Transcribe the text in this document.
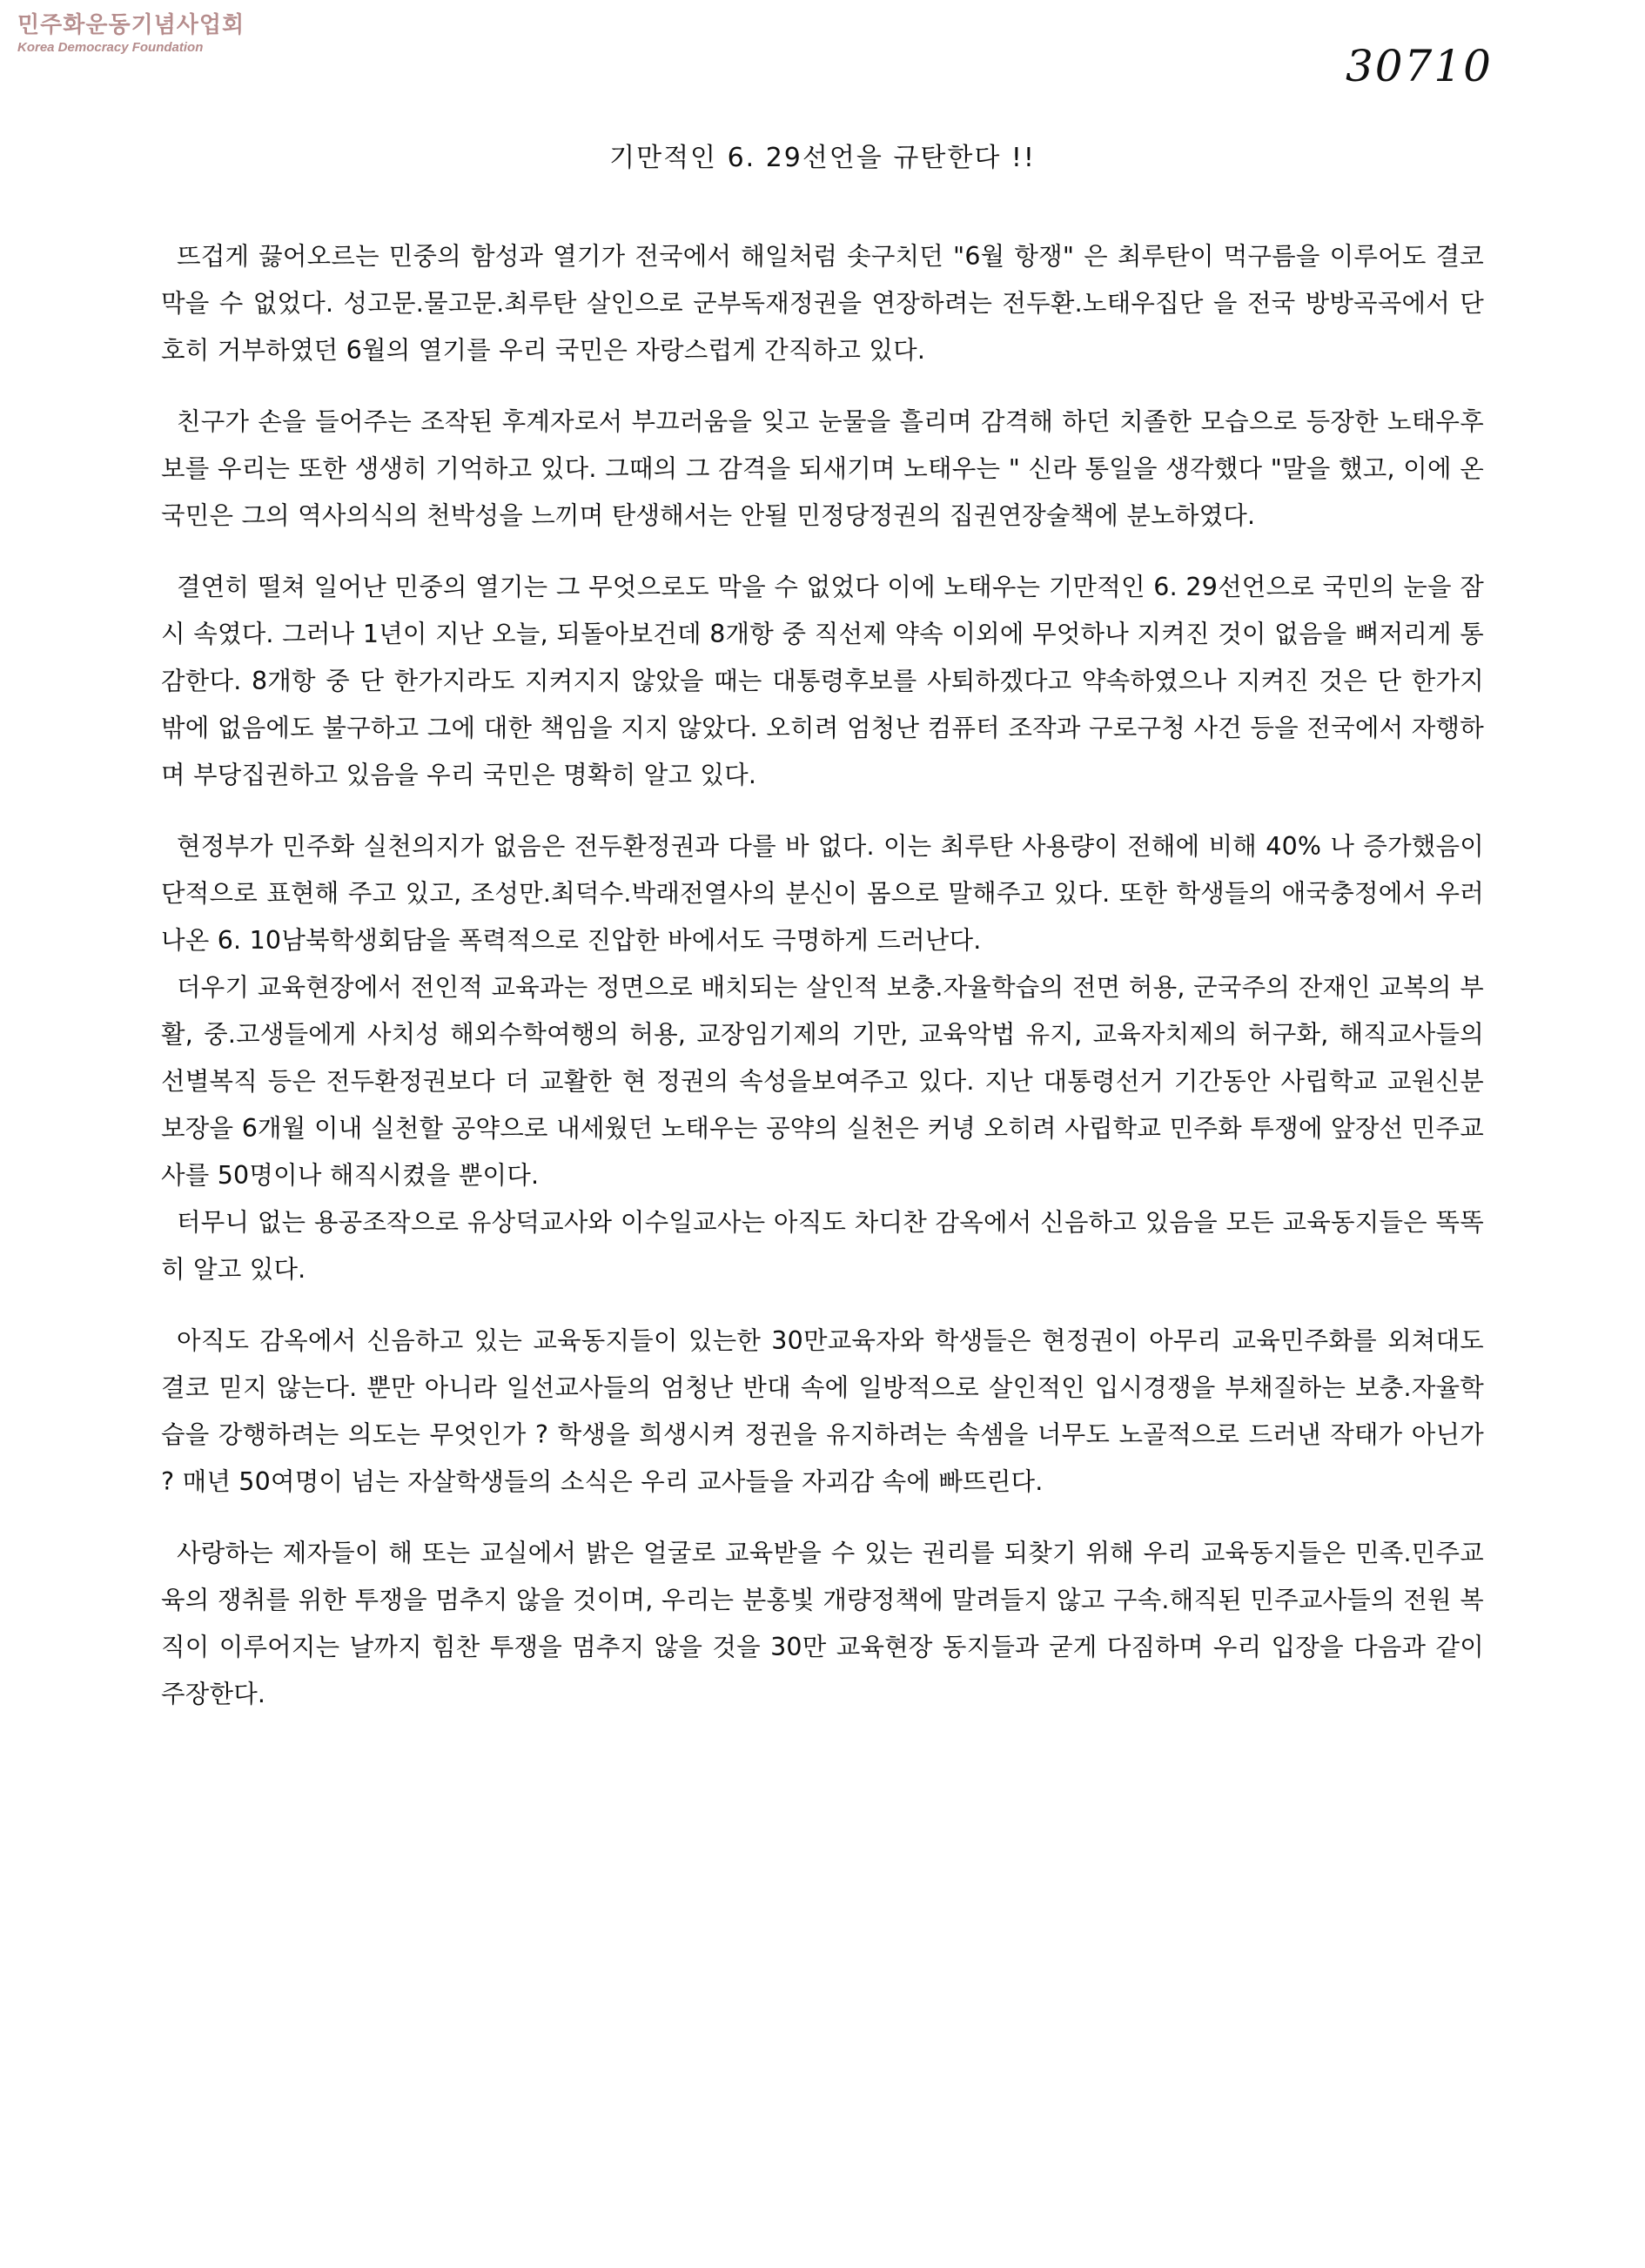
민주화운동기념사업회
Korea Democracy Foundation	30710
기만적인 6. 29선언을 규탄한다 !!

뜨겁게 끓어오르는 민중의 함성과 열기가 전국에서 해일처럼 솟구치던 "6월 항쟁" 은 최루탄이 먹구름을 이루어도 결코 막을 수 없었다. 성고문.물고문.최루탄 살인으로 군부독재정권을 연장하려는 전두환.노태우집단 을 전국 방방곡곡에서 단호히 거부하였던 6월의 열기를 우리 국민은 자랑스럽게 간직하고 있다.

친구가 손을 들어주는 조작된 후계자로서 부끄러움을 잊고 눈물을 흘리며 감격해 하던 치졸한 모습으로 등장한 노태우후보를 우리는 또한 생생히 기억하고 있다. 그때의 그 감격을 되새기며 노태우는 " 신라 통일을 생각했다 "말을 했고, 이에 온 국민은 그의 역사의식의 천박성을 느끼며 탄생해서는 안될 민정당정권의 집권연장술책에 분노하였다.

결연히 떨쳐 일어난 민중의 열기는 그 무엇으로도 막을 수 없었다 이에 노태우는 기만적인 6. 29선언으로 국민의 눈을 잠시 속였다. 그러나 1년이 지난 오늘, 되돌아보건데 8개항 중 직선제 약속 이외에 무엇하나 지켜진 것이 없음을 뼈저리게 통감한다. 8개항 중 단 한가지라도 지켜지지 않았을 때는 대통령후보를 사퇴하겠다고 약속하였으나 지켜진 것은 단 한가지 밖에 없음에도 불구하고 그에 대한 책임을 지지 않았다. 오히려 엄청난 컴퓨터 조작과 구로구청 사건 등을 전국에서 자행하며 부당집권하고 있음을 우리 국민은 명확히 알고 있다.

현정부가 민주화 실천의지가 없음은 전두환정권과 다를 바 없다. 이는 최루탄 사용량이 전해에 비해 40% 나 증가했음이 단적으로 표현해 주고 있고, 조성만.최덕수.박래전열사의 분신이 몸으로 말해주고 있다. 또한 학생들의 애국충정에서 우러나온 6. 10남북학생회담을 폭력적으로 진압한 바에서도 극명하게 드러난다.

더우기 교육현장에서 전인적 교육과는 정면으로 배치되는 살인적 보충.자율학습의 전면 허용, 군국주의 잔재인 교복의 부활, 중.고생들에게 사치성 해외수학여행의 허용, 교장임기제의 기만, 교육악법 유지, 교육자치제의 허구화, 해직교사들의 선별복직 등은 전두환정권보다 더 교활한 현 정권의 속성을보여주고 있다. 지난 대통령선거 기간동안 사립학교 교원신분 보장을 6개월 이내 실천할 공약으로 내세웠던 노태우는 공약의 실천은 커녕 오히려 사립학교 민주화 투쟁에 앞장선 민주교사를 50명이나 해직시켰을 뿐이다.

터무니 없는 용공조작으로 유상덕교사와 이수일교사는 아직도 차디찬 감옥에서 신음하고 있음을 모든 교육동지들은 똑똑히 알고 있다.

아직도 감옥에서 신음하고 있는 교육동지들이 있는한 30만교육자와 학생들은 현정권이 아무리 교육민주화를 외쳐대도 결코 믿지 않는다. 뿐만 아니라 일선교사들의 엄청난 반대 속에 일방적으로 살인적인 입시경쟁을 부채질하는 보충.자율학습을 강행하려는 의도는 무엇인가 ? 학생을 희생시켜 정권을 유지하려는 속셈을 너무도 노골적으로 드러낸 작태가 아닌가 ? 매년 50여명이 넘는 자살학생들의 소식은 우리 교사들을 자괴감 속에 빠뜨린다.

사랑하는 제자들이 해 또는 교실에서 밝은 얼굴로 교육받을 수 있는 권리를 되찾기 위해 우리 교육동지들은 민족.민주교육의 쟁취를 위한 투쟁을 멈추지 않을 것이며, 우리는 분홍빛 개량정책에 말려들지 않고 구속.해직된 민주교사들의 전원 복직이 이루어지는 날까지 힘찬 투쟁을 멈추지 않을 것을 30만 교육현장 동지들과 굳게 다짐하며 우리 입장을 다음과 같이 주장한다.
